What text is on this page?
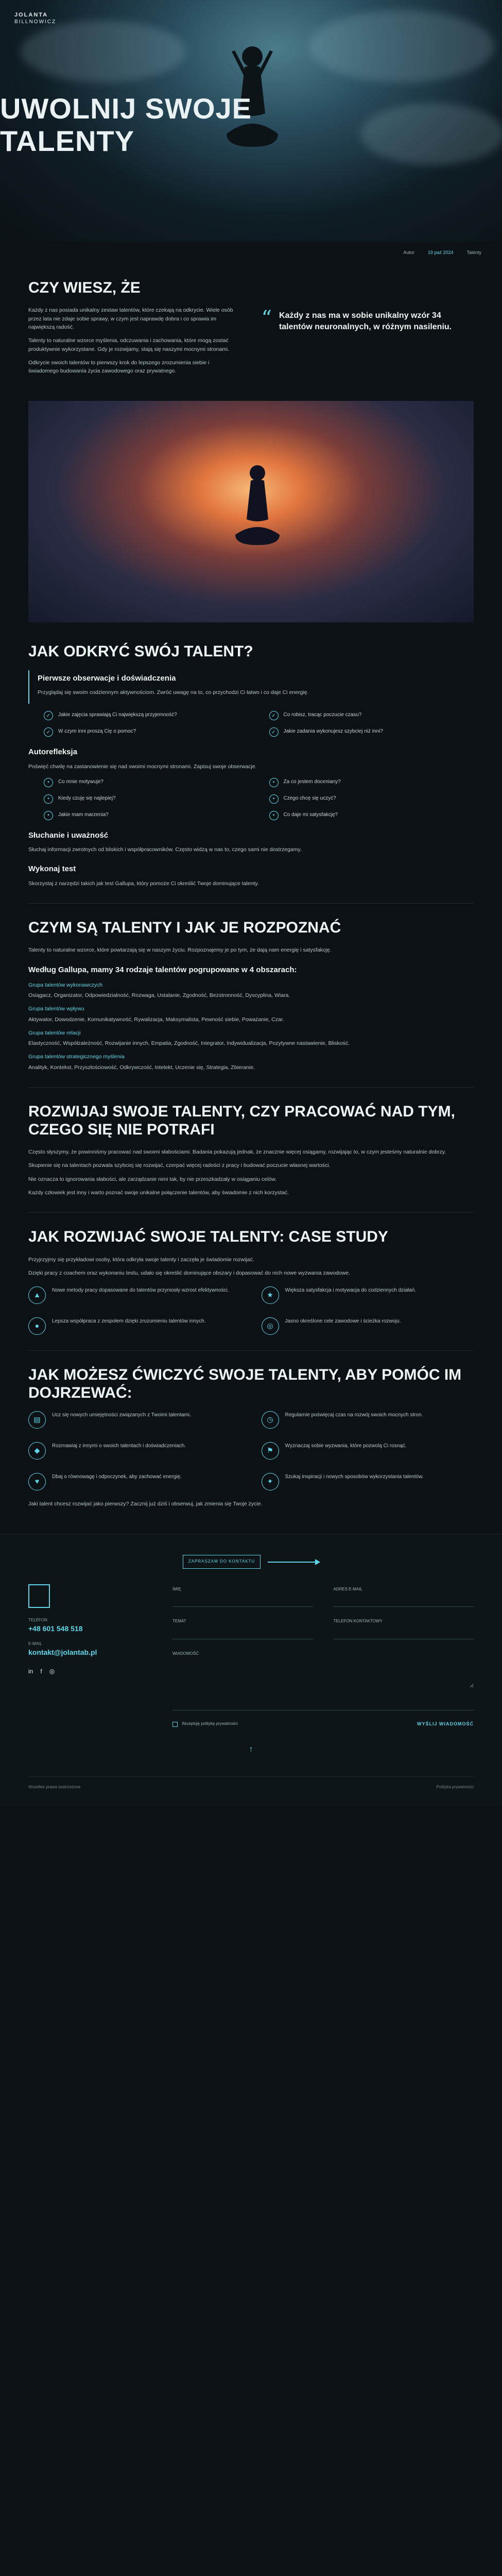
JOLANTA
BILLNOWICZ
UWOLNIJ SWOJE
TALENTY
Autor	19 paź 2024	Talenty
CZY WIESZ, ŻE

Każdy z nas posiada unikalny zestaw talentów, które czekają na odkrycie. Wiele osób przez lata nie zdaje sobie sprawy, w czym jest naprawdę dobra i co sprawia im największą radość.

Talenty to naturalne wzorce myślenia, odczuwania i zachowania, które mogą zostać produktywnie wykorzystane. Gdy je rozwijamy, stają się naszymi mocnymi stronami.

Odkrycie swoich talentów to pierwszy krok do lepszego zrozumienia siebie i świadomego budowania życia zawodowego oraz prywatnego.

“ Każdy z nas ma w sobie unikalny wzór 34 talentów neuronalnych, w różnym nasileniu.
JAK ODKRYĆ SWÓJ TALENT?
Pierwsze obserwacje i doświadczenia

Przyglądaj się swoim codziennym aktywnościom. Zwróć uwagę na to, co przychodzi Ci łatwo i co daje Ci energię.

✓	Jakie zajęcia sprawiają Ci największą przyjemność?	✓	Co robisz, tracąc poczucie czasu?
✓	W czym inni proszą Cię o pomoc?	✓	Jakie zadania wykonujesz szybciej niż inni?
Autorefleksja

Poświęć chwilę na zastanowienie się nad swoimi mocnymi stronami. Zapisuj swoje obserwacje.

•	Co mnie motywuje?	•	Za co jestem doceniany?
•	Kiedy czuję się najlepiej?	•	Czego chcę się uczyć?
•	Jakie mam marzenia?	•	Co daje mi satysfakcję?
Słuchanie i uważność

Słuchaj informacji zwrotnych od bliskich i współpracowników. Często widzą w nas to, czego sami nie dostrzegamy.

Wykonaj test

Skorzystaj z narzędzi takich jak test Gallupa, który pomoże Ci określić Twoje dominujące talenty.

CZYM SĄ TALENTY I JAK JE ROZPOZNAĆ

Talenty to naturalne wzorce, które powtarzają się w naszym życiu. Rozpoznajemy je po tym, że dają nam energię i satysfakcję.

Według Gallupa, mamy 34 rodzaje talentów pogrupowane w 4 obszarach:
Grupa talentów wykonawczych

Osiągacz, Organizator, Odpowiedzialność, Rozwaga, Ustalanie, Zgodność, Bezstronność, Dyscyplina, Wiara.

Grupa talentów wpływu

Aktywator, Dowodzenie, Komunikatywność, Rywalizacja, Maksymalista, Pewność siebie, Poważanie, Czar.

Grupa talentów relacji

Elastyczność, Współzależność, Rozwijanie innych, Empatia, Zgodność, Integrator, Indywidualizacja, Pozytywne nastawienie, Bliskość.

Grupa talentów strategicznego myślenia

Analityk, Kontekst, Przyszłościowość, Odkrywczość, Intelekt, Uczenie się, Strategia, Zbieranie.

ROZWIJAJ SWOJE TALENTY, CZY PRACOWAĆ NAD TYM, CZEGO SIĘ NIE POTRAFI

Często słyszymy, że powinniśmy pracować nad swoimi słabościami. Badania pokazują jednak, że znacznie więcej osiągamy, rozwijając to, w czym jesteśmy naturalnie dobrzy.

Skupienie się na talentach pozwala szybciej się rozwijać, czerpać więcej radości z pracy i budować poczucie własnej wartości.

Nie oznacza to ignorowania słabości, ale zarządzanie nimi tak, by nie przeszkadzały w osiąganiu celów.

Każdy człowiek jest inny i warto poznać swoje unikalne połączenie talentów, aby świadomie z nich korzystać.

JAK ROZWIJAĆ SWOJE TALENTY: CASE STUDY

Przyjrzyjmy się przykładowi osoby, która odkryła swoje talenty i zaczęła je świadomie rozwijać.

Dzięki pracy z coachem oraz wykonaniu testu, udało się określić dominujące obszary i dopasować do nich nowe wyzwania zawodowe.

▲

Nowe metody pracy dopasowane do talentów przyniosły wzrost efektywności.

★

Większa satysfakcja i motywacja do codziennych działań.

●

Lepsza współpraca z zespołem dzięki zrozumieniu talentów innych.

◎

Jasno określone cele zawodowe i ścieżka rozwoju.

JAK MOŻESZ ĆWICZYĆ SWOJE TALENTY, ABY POMÓC IM DOJRZEWAĆ:
▤

Ucz się nowych umiejętności związanych z Twoimi talentami.

◷

Regularnie poświęcaj czas na rozwój swoich mocnych stron.

◆

Rozmawiaj z innymi o swoich talentach i doświadczeniach.

⚑

Wyznaczaj sobie wyzwania, które pozwolą Ci rosnąć.

♥

Dbaj o równowagę i odpoczynek, aby zachować energię.

✦

Szukaj inspiracji i nowych sposobów wykorzystania talentów.

Jaki talent chcesz rozwijać jako pierwszy? Zacznij już dziś i obserwuj, jak zmienia się Twoje życie.

ZAPRASZAM DO KONTAKTU
TELEFON
+48 601 548 518
E-MAIL
kontakt@jolantab.pl
in f ◎
IMIĘ	ADRES E-MAIL
TEMAT	TELEFON KONTAKTOWY
WIADOMOŚĆ
Akceptuję politykę prywatności	WYŚLIJ WIADOMOŚĆ
↑
Wszelkie prawa zastrzeżone	Polityka prywatności
